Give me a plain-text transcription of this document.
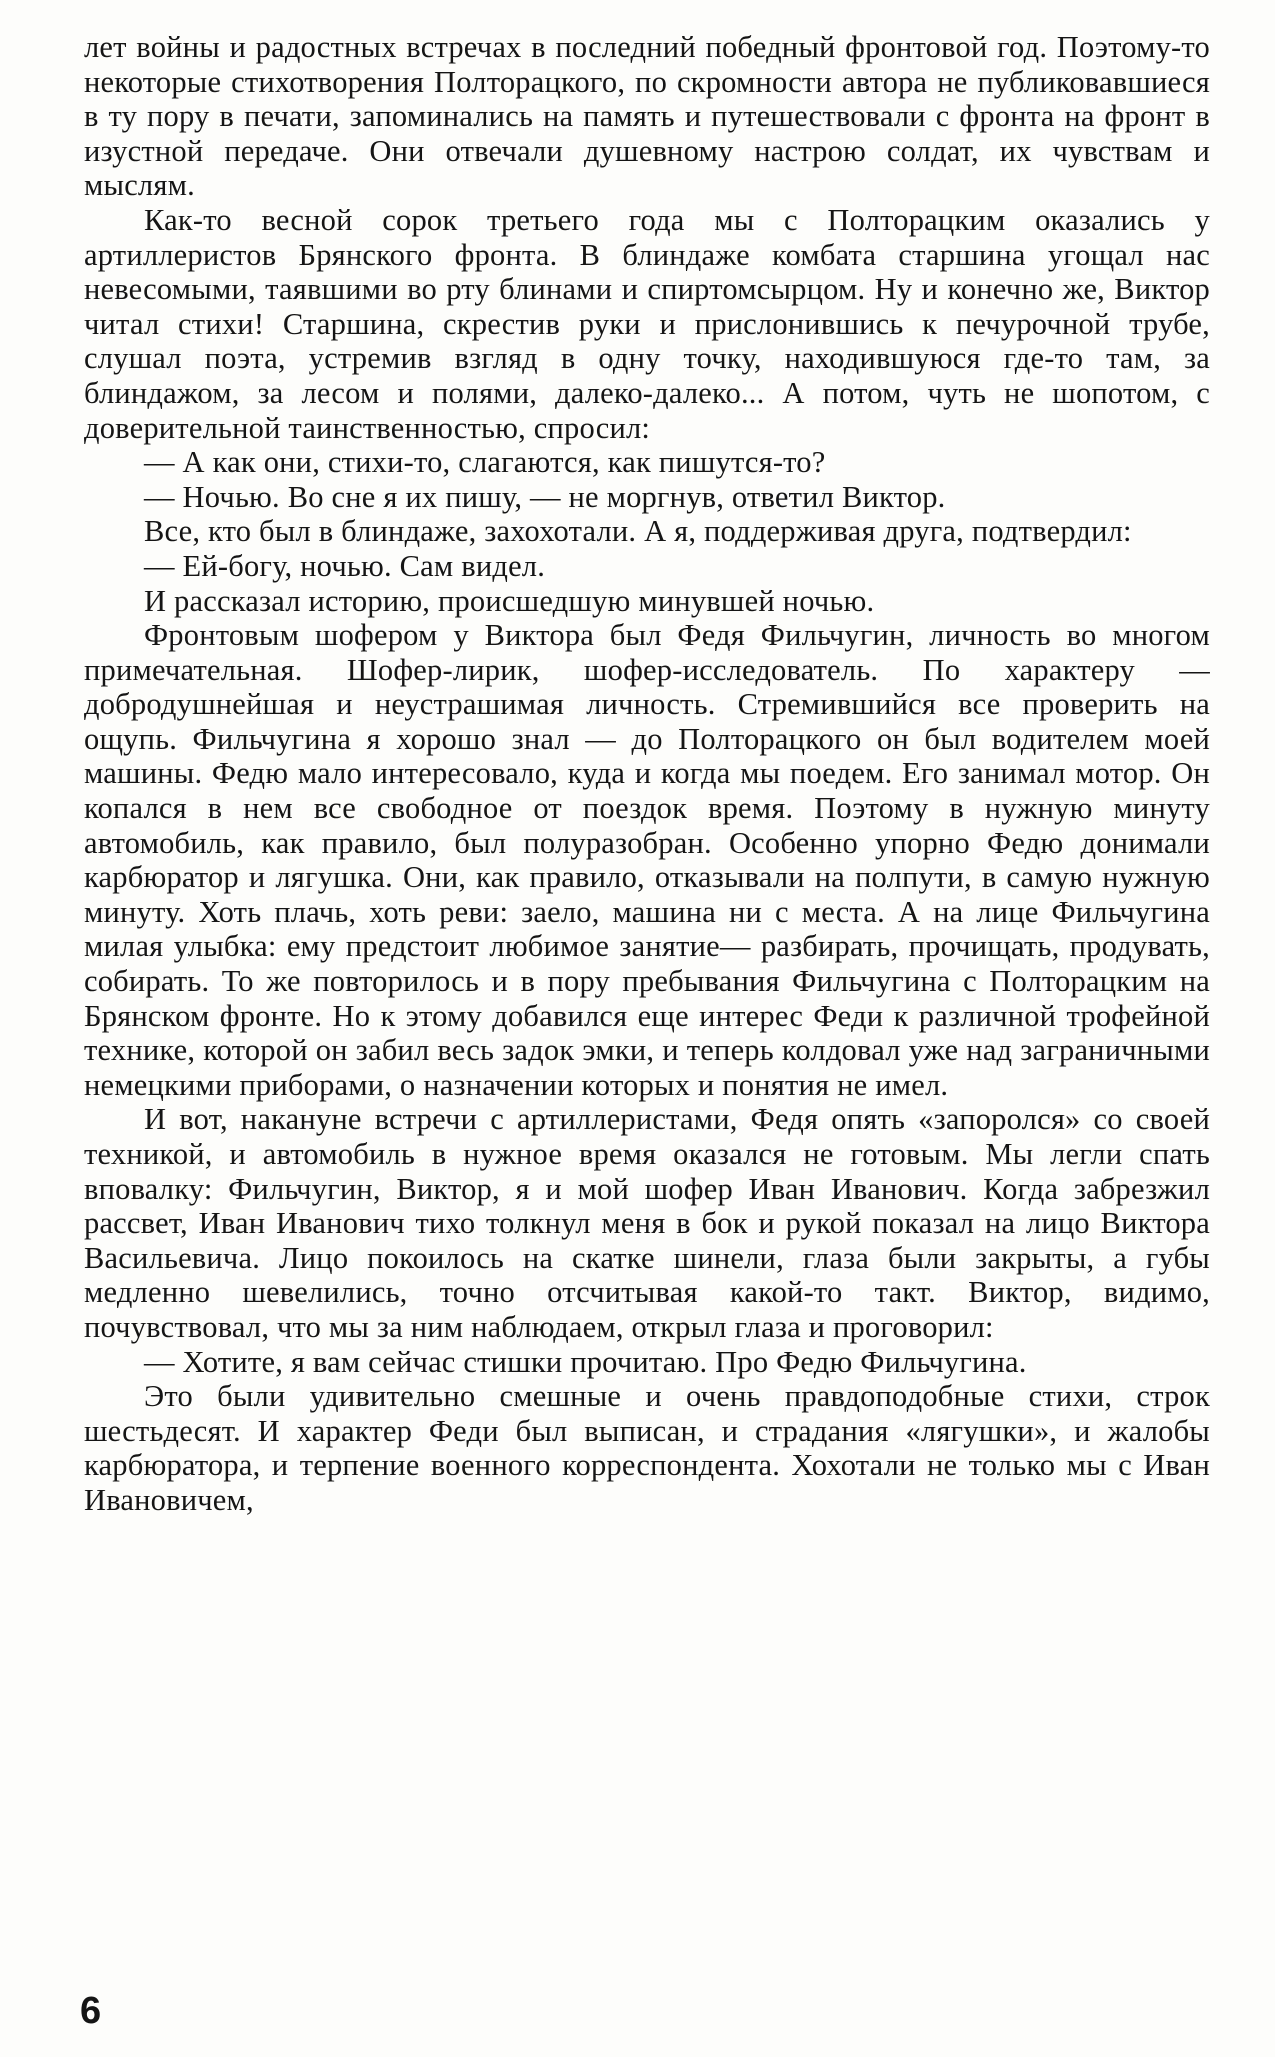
лет войны и радостных встречах в последний победный фронтовой год. Поэтому-то некоторые стихотворения Полторацкого, по скромности автора не публиковавшиеся в ту пору в печати, запоминались на память и путешествовали с фронта на фронт в изустной передаче. Они отвечали душевному настрою солдат, их чувствам и мыслям.

Как-то весной сорок третьего года мы с Полторацким оказались у артиллеристов Брянского фронта. В блиндаже комбата старшина угощал нас невесомыми, таявшими во рту блинами и спиртомсырцом. Ну и конечно же, Виктор читал стихи! Старшина, скрестив руки и прислонившись к печурочной трубе, слушал поэта, устремив взгляд в одну точку, находившуюся где-то там, за блиндажом, за лесом и полями, далеко-далеко... А потом, чуть не шопотом, с доверительной таинственностью, спросил:

— А как они, стихи-то, слагаются, как пишутся-то?

— Ночью. Во сне я их пишу, — не моргнув, ответил Виктор.

Все, кто был в блиндаже, захохотали. А я, поддерживая друга, подтвердил:

— Ей-богу, ночью. Сам видел.

И рассказал историю, происшедшую минувшей ночью.

Фронтовым шофером у Виктора был Федя Фильчугин, личность во многом примечательная. Шофер-лирик, шофер-исследователь. По характеру — добродушнейшая и неустрашимая личность. Стремившийся все проверить на ощупь. Фильчугина я хорошо знал — до Полторацкого он был водителем моей машины. Федю мало интересовало, куда и когда мы поедем. Его занимал мотор. Он копался в нем все свободное от поездок время. Поэтому в нужную минуту автомобиль, как правило, был полуразобран. Особенно упорно Федю донимали карбюратор и лягушка. Они, как правило, отказывали на полпути, в самую нужную минуту. Хоть плачь, хоть реви: заело, машина ни с места. А на лице Фильчугина милая улыбка: ему предстоит любимое занятие— разбирать, прочищать, продувать, собирать. То же повторилось и в пору пребывания Фильчугина с Полторацким на Брянском фронте. Но к этому добавился еще интерес Феди к различной трофейной технике, которой он забил весь задок эмки, и теперь колдовал уже над заграничными немецкими приборами, о назначении которых и понятия не имел.

И вот, накануне встречи с артиллеристами, Федя опять «запоролся» со своей техникой, и автомобиль в нужное время оказался не готовым. Мы легли спать вповалку: Фильчугин, Виктор, я и мой шофер Иван Иванович. Когда забрезжил рассвет, Иван Иванович тихо толкнул меня в бок и рукой показал на лицо Виктора Васильевича. Лицо покоилось на скатке шинели, глаза были закрыты, а губы медленно шевелились, точно отсчитывая какой-то такт. Виктор, видимо, почувствовал, что мы за ним наблюдаем, открыл глаза и проговорил:

— Хотите, я вам сейчас стишки прочитаю. Про Федю Фильчугина.

Это были удивительно смешные и очень правдоподобные стихи, строк шестьдесят. И характер Феди был выписан, и страдания «лягушки», и жалобы карбюратора, и терпение военного корреспондента. Хохотали не только мы с Иван Ивановичем,

6
